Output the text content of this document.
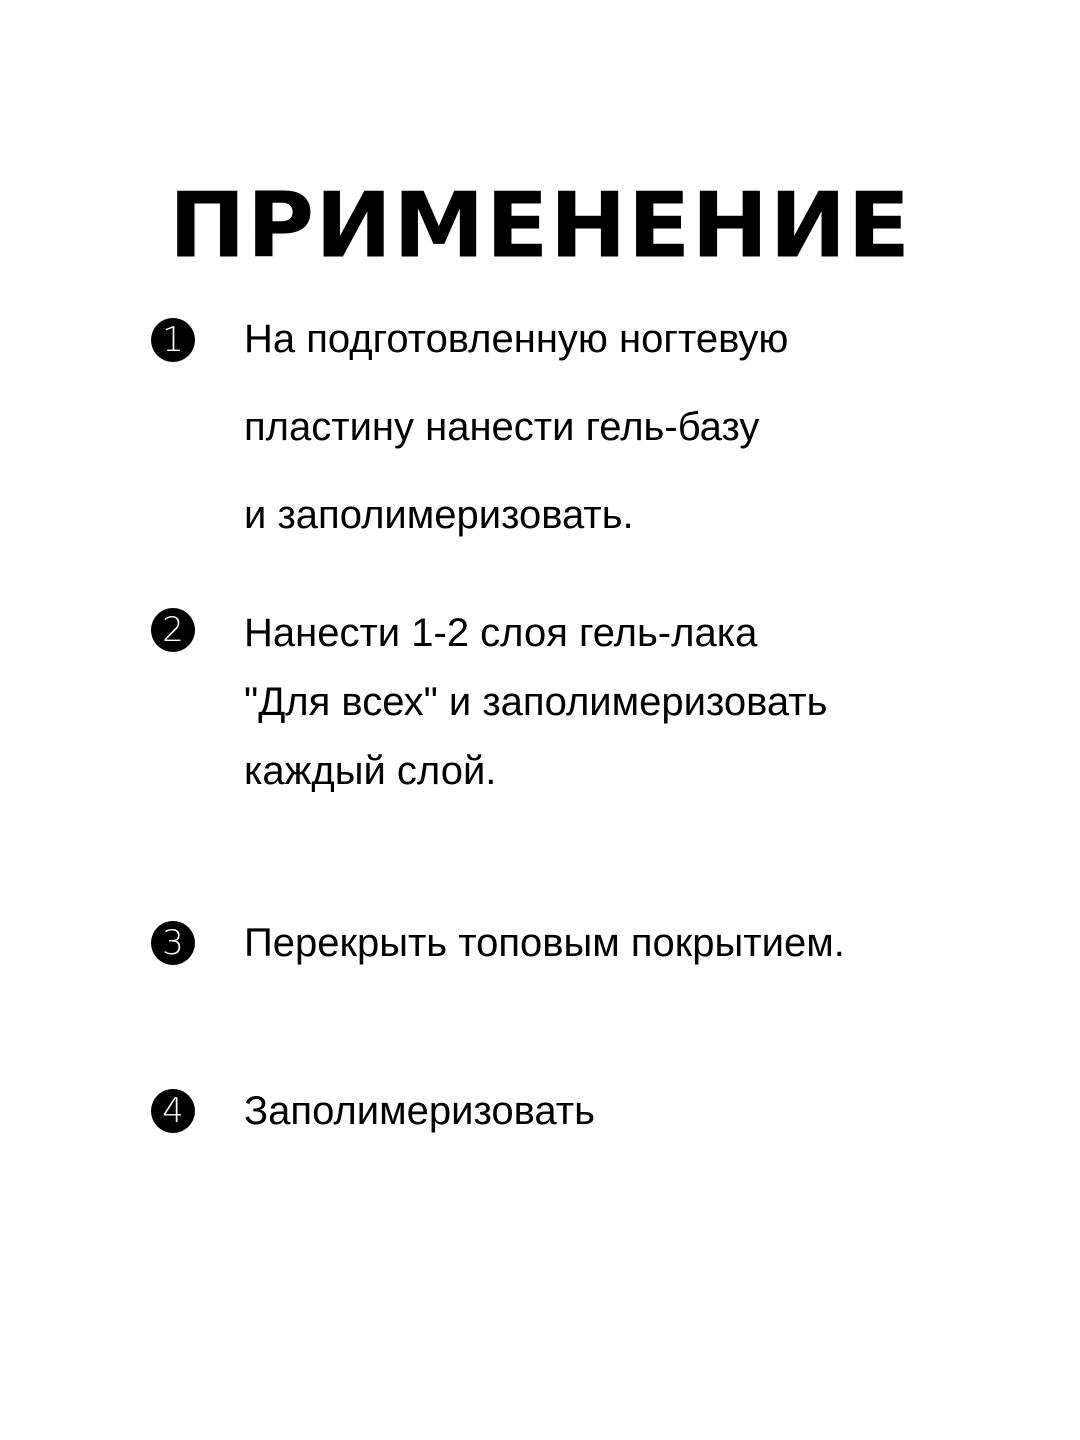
ПРИМЕНЕНИЕ
1 На подготовленную ногтевую
пластину нанести гель-базу
и заполимеризовать.
2 Нанести 1-2 слоя гель-лака
"Для всех" и заполимеризовать
каждый слой.
3 Перекрыть топовым покрытием.
4 Заполимеризовать
